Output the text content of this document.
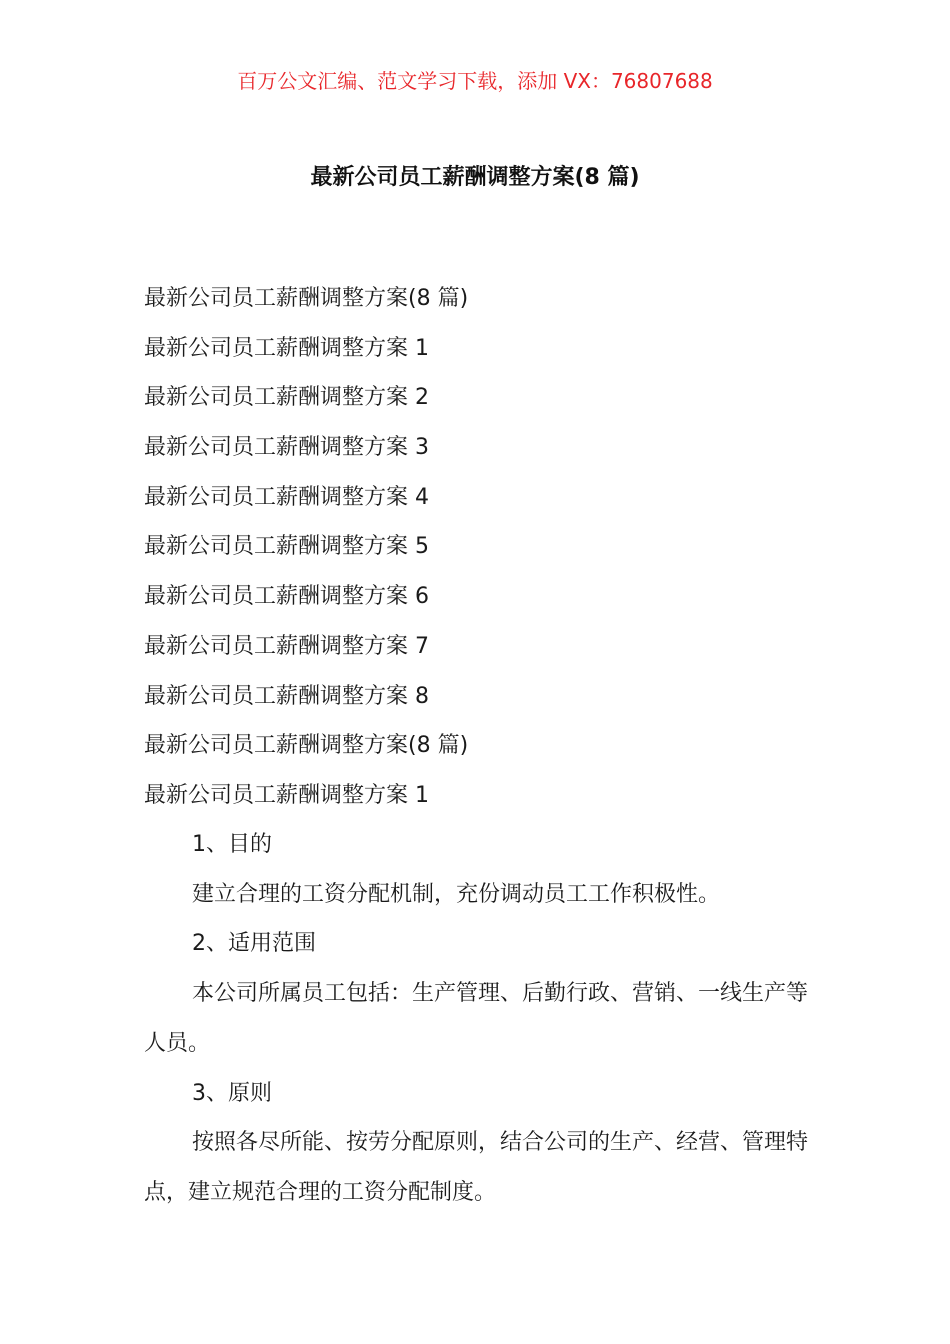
百万公文汇编、范文学习下载，添加 VX：76807688
最新公司员工薪酬调整方案(8 篇)
最新公司员工薪酬调整方案(8 篇)
最新公司员工薪酬调整方案 1
最新公司员工薪酬调整方案 2
最新公司员工薪酬调整方案 3
最新公司员工薪酬调整方案 4
最新公司员工薪酬调整方案 5
最新公司员工薪酬调整方案 6
最新公司员工薪酬调整方案 7
最新公司员工薪酬调整方案 8
最新公司员工薪酬调整方案(8 篇)
最新公司员工薪酬调整方案 1

1、目的

建立合理的工资分配机制，充份调动员工工作积极性。

2、适用范围

本公司所属员工包括：生产管理、后勤行政、营销、一线生产等人员。

3、原则

按照各尽所能、按劳分配原则，结合公司的生产、经营、管理特点，建立规范合理的工资分配制度。
